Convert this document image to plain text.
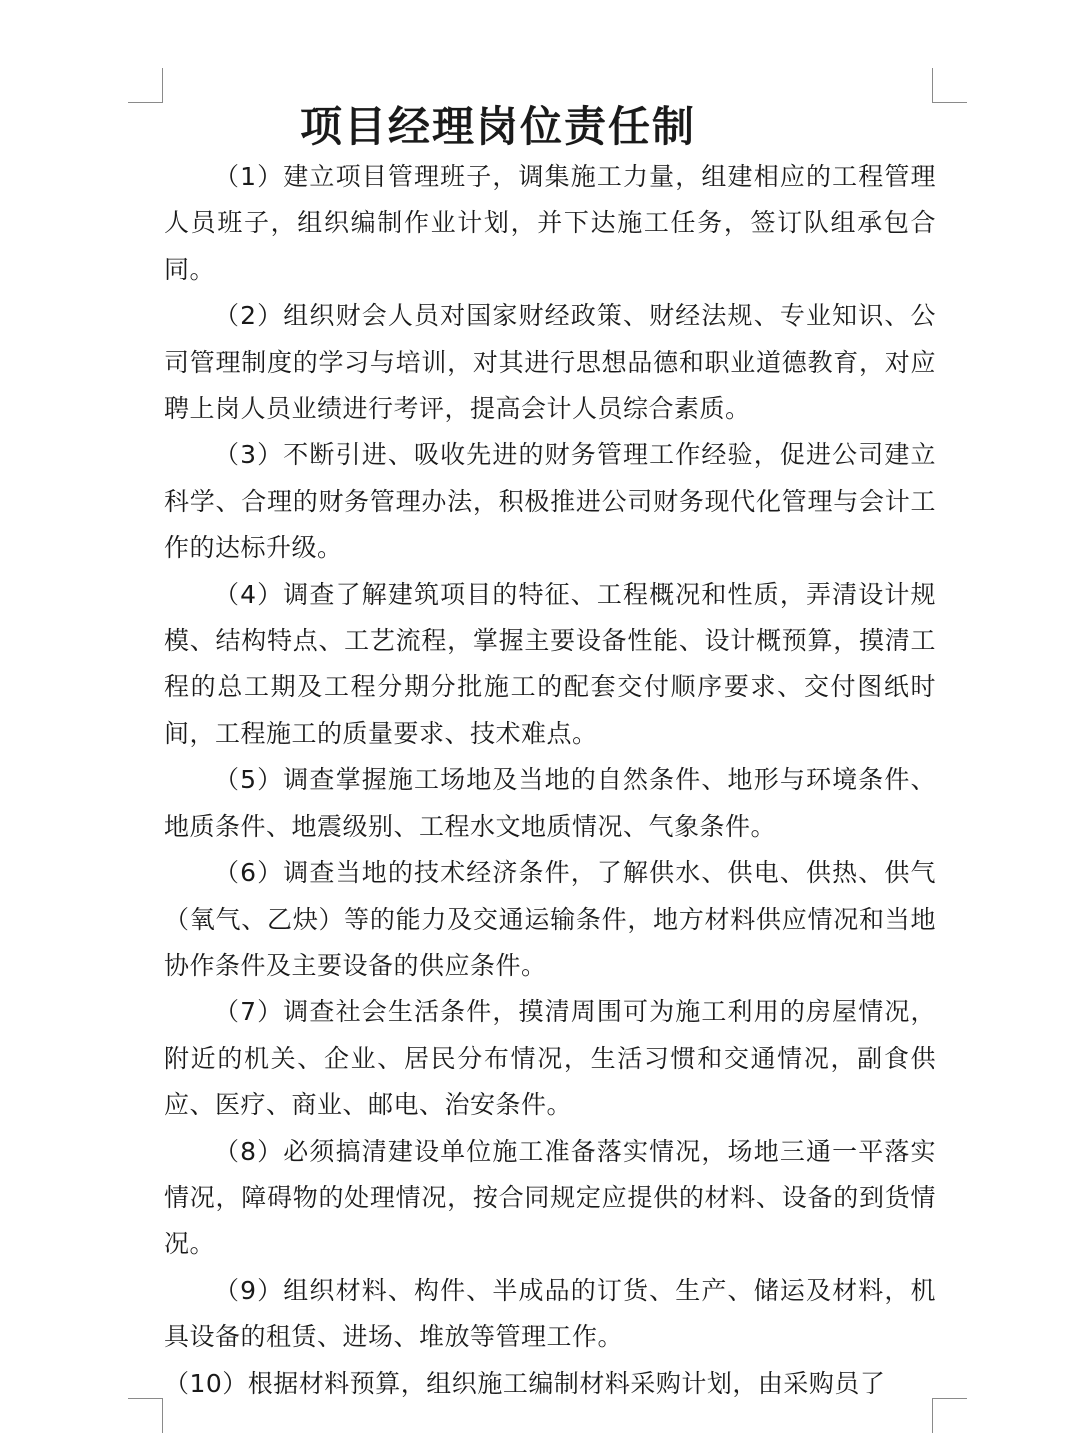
项目经理岗位责任制

（1）建立项目管理班子，调集施工力量，组建相应的工程管理人员班子，组织编制作业计划，并下达施工任务，签订队组承包合同。

（2）组织财会人员对国家财经政策、财经法规、专业知识、公司管理制度的学习与培训，对其进行思想品德和职业道德教育，对应聘上岗人员业绩进行考评，提高会计人员综合素质。

（3）不断引进、吸收先进的财务管理工作经验，促进公司建立科学、合理的财务管理办法，积极推进公司财务现代化管理与会计工作的达标升级。

（4）调查了解建筑项目的特征、工程概况和性质，弄清设计规模、结构特点、工艺流程，掌握主要设备性能、设计概预算，摸清工程的总工期及工程分期分批施工的配套交付顺序要求、交付图纸时间，工程施工的质量要求、技术难点。

（5）调查掌握施工场地及当地的自然条件、地形与环境条件、地质条件、地震级别、工程水文地质情况、气象条件。

（6）调查当地的技术经济条件，了解供水、供电、供热、供气（氧气、乙炔）等的能力及交通运输条件，地方材料供应情况和当地协作条件及主要设备的供应条件。

（7）调查社会生活条件，摸清周围可为施工利用的房屋情况，附近的机关、企业、居民分布情况，生活习惯和交通情况，副食供应、医疗、商业、邮电、治安条件。

（8）必须搞清建设单位施工准备落实情况，场地三通一平落实情况，障碍物的处理情况，按合同规定应提供的材料、设备的到货情况。

（9）组织材料、构件、半成品的订货、生产、储运及材料，机具设备的租赁、进场、堆放等管理工作。

（10）根据材料预算，组织施工编制材料采购计划，由采购员了
